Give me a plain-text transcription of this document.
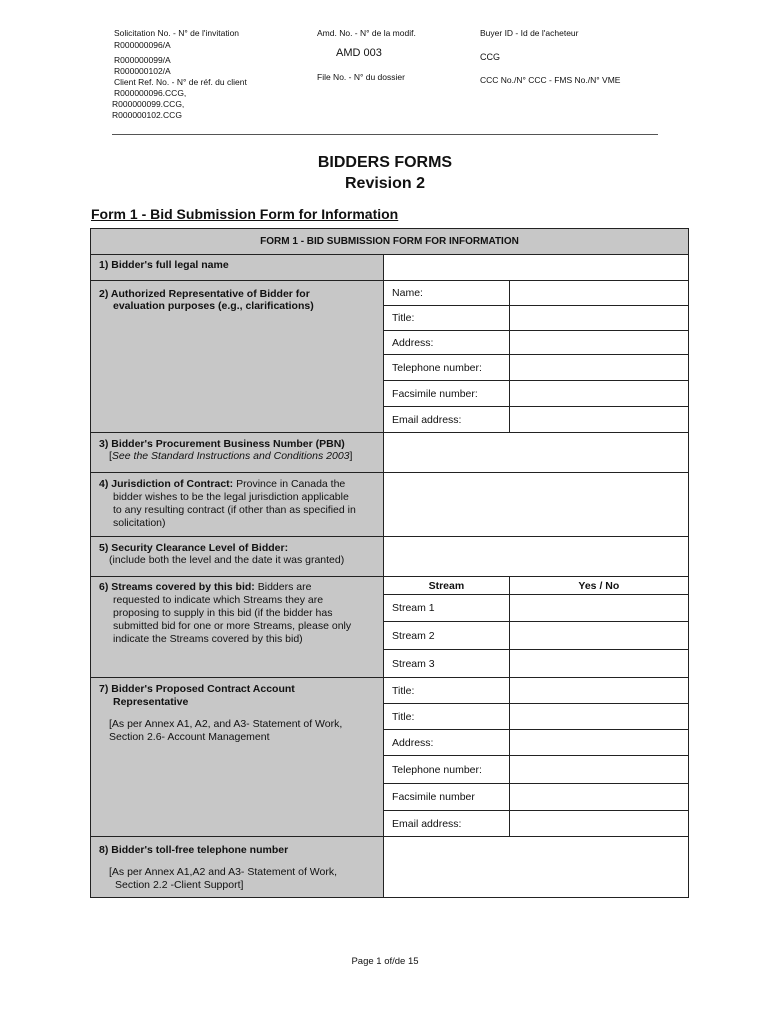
Solicitation No. - N° de l'invitation
R000000096/A
R000000099/A
R000000102/A
Client Ref. No. - N° de réf. du client
R000000096.CCG,
R000000099.CCG,
R000000102.CCG
Amd. No. - N° de la modif.
AMD 003
File No. - N° du dossier
Buyer ID - Id de l'acheteur
CCG
CCC No./N° CCC - FMS No./N° VME
BIDDERS FORMS
Revision 2
Form 1 - Bid Submission Form for Information
FORM 1 - BID SUBMISSION FORM FOR INFORMATION		
1) Bidder's full legal name		
2) Authorized Representative of Bidder for
evaluation purposes (e.g., clarifications)	Name:	
	Title:	
	Address:	
	Telephone number:	
	Facsimile number:	
	Email address:	
3) Bidder's Procurement Business Number (PBN)
[See the Standard Instructions and Conditions 2003]		
4) Jurisdiction of Contract: Province in Canada the
bidder wishes to be the legal jurisdiction applicable
to any resulting contract (if other than as specified in
solicitation)		
5) Security Clearance Level of Bidder:
(include both the level and the date it was granted)		
6) Streams covered by this bid: Bidders are
requested to indicate which Streams they are
proposing to supply in this bid (if the bidder has
submitted bid for one or more Streams, please only
indicate the Streams covered by this bid)	Stream	Yes / No
	Stream 1	
	Stream 2	
	Stream 3	
7) Bidder's Proposed Contract Account
Representative

[As per Annex A1, A2, and A3- Statement of Work,
Section 2.6- Account Management	Title:	
	Title:	
	Address:	
	Telephone number:	
	Facsimile number	
	Email address:	
8) Bidder's toll-free telephone number

[As per Annex A1,A2 and A3- Statement of Work,
Section 2.2 -Client Support]		

Page 1 of/de 15
